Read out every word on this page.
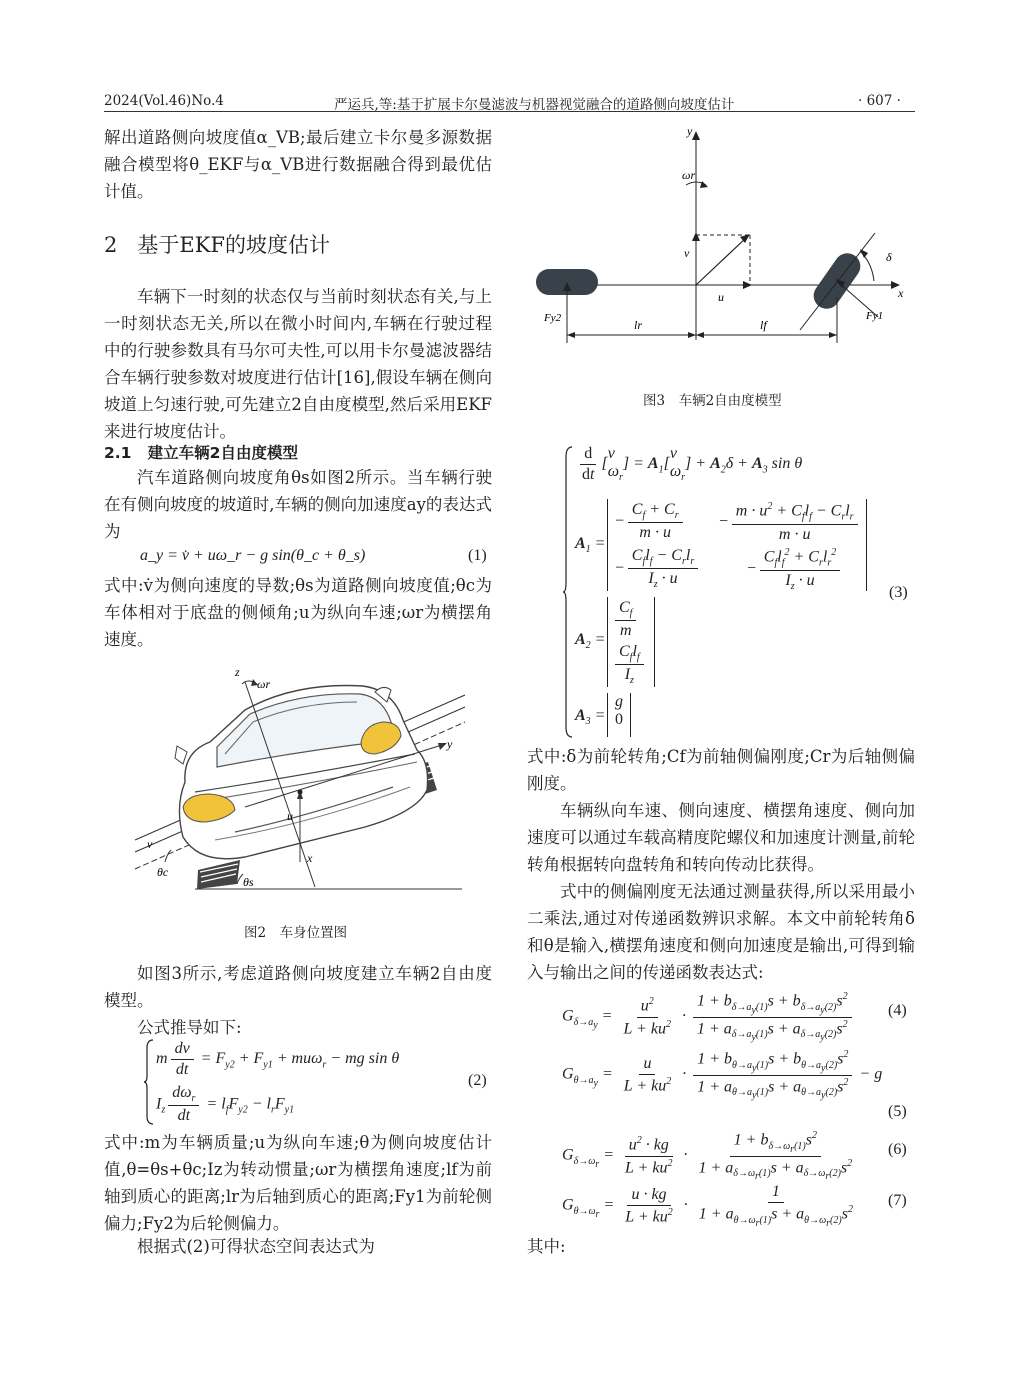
2024(Vol.46)No.4	严运兵,等:基于扩展卡尔曼滤波与机器视觉融合的道路侧向坡度估计	· 607 ·

解出道路侧向坡度值α_VB;最后建立卡尔曼多源数据融合模型将θ_EKF与α_VB进行数据融合得到最优估计值。

2 基于EKF的坡度估计

车辆下一时刻的状态仅与当前时刻状态有关,与上一时刻状态无关,所以在微小时间内,车辆在行驶过程中的行驶参数具有马尔可夫性,可以用卡尔曼滤波器结合车辆行驶参数对坡度进行估计[16],假设车辆在侧向坡道上匀速行驶,可先建立2自由度模型,然后采用EKF来进行坡度估计。

2.1 建立车辆2自由度模型

汽车道路侧向坡度角θs如图2所示。当车辆行驶在有侧向坡度的坡道时,车辆的侧向加速度ay的表达式为

a_y = v̇ + uω_r − g sin(θ_c + θ_s)	(1)

式中:v̇为侧向速度的导数;θs为道路侧向坡度值;θc为车体相对于底盘的侧倾角;u为纵向车速;ωr为横摆角速度。

z
ωr
y
u
x
v
θc
θs
图2　车身位置图

如图3所示,考虑道路侧向坡度建立车辆2自由度模型。

公式推导如下:

m $\frac{dv}{dt} = F_{y2} + F_{y1} + mu\omega_r$ − mg sin θ
$I_z \frac{d\omega_r}{dt} = l_fF_{y2} - l_rF_{y1}$
(2)

式中:m为车辆质量;u为纵向车速;θ为侧向坡度估计值,θ=θs+θc;Iz为转动惯量;ωr为横摆角速度;lf为前轴到质心的距离;lr为后轴到质心的距离;Fy1为前轮侧偏力;Fy2为后轮侧偏力。

根据式(2)可得状态空间表达式为

y
ωr
v
u	x
δ
Fy2	Fy1
lr	lf
图3　车辆2自由度模型
$\frac{d}{dt}$ [
v
$\omega_r$
] = $A_1$[
v
$\omega_r$
] + $A_2\delta + A_3$ sin θ
$A_1$ =
− $\frac{C_f + C_r}{m \cdot u} - \frac{m \cdot u^2 + C_fl_f - C_rl_r}{m \cdot u}$
− $\frac{C_fl_f - C_rl_r}{I_z \cdot u}$	− $\frac{C_fl_f^2 + C_rl_r^2}{I_z \cdot u}$
$A_2 = \frac{C_f}{m}$
$\frac{C_fl_f}{I_z}$
$A_3$ =
g
0
(3)

式中:δ为前轮转角;Cf为前轴侧偏刚度;Cr为后轴侧偏刚度。

车辆纵向车速、侧向速度、横摆角速度、侧向加速度可以通过车载高精度陀螺仪和加速度计测量,前轮转角根据转向盘转角和转向传动比获得。

式中的侧偏刚度无法通过测量获得,所以采用最小二乘法,通过对传递函数辨识求解。本文中前轮转角δ和θ是输入,横摆角速度和侧向加速度是输出,可得到输入与输出之间的传递函数表达式:

$G_{\delta\to a_y} = \frac{u^2}{L + ku^2} \cdot \frac{1 + b_{\delta\to a_y(1)}s + b_{\delta\to a_y(2)}s^2}{1 + a_{\delta\to a_y(1)}s + a_{\delta\to a_y(2)}s^2} (4)$
$G_{\theta\to a_y} = \frac{u}{L + ku^2} \cdot \frac{1 + b_{\theta\to a_y(1)}s + b_{\theta\to a_y(2)}s^2}{1 + a_{\theta\to a_y(1)}s + a_{\theta\to a_y(2)}s^2} - g$
(5)
$G_{\delta\to\omega_r} = \frac{u^2 \cdot kg}{L + ku^2} \cdot \frac{1 + b_{\delta\to\omega_r(1)}s^2}{1 + a_{\delta\to\omega_r(1)}s + a_{\delta\to\omega_r(2)}s^2} (6)$
$G_{\theta\to\omega_r} = \frac{u \cdot kg}{L + ku^2} \cdot \frac{1}{1 + a_{\theta\to\omega_r(1)}s + a_{\theta\to\omega_r(2)}s^2} (7)$

其中:
